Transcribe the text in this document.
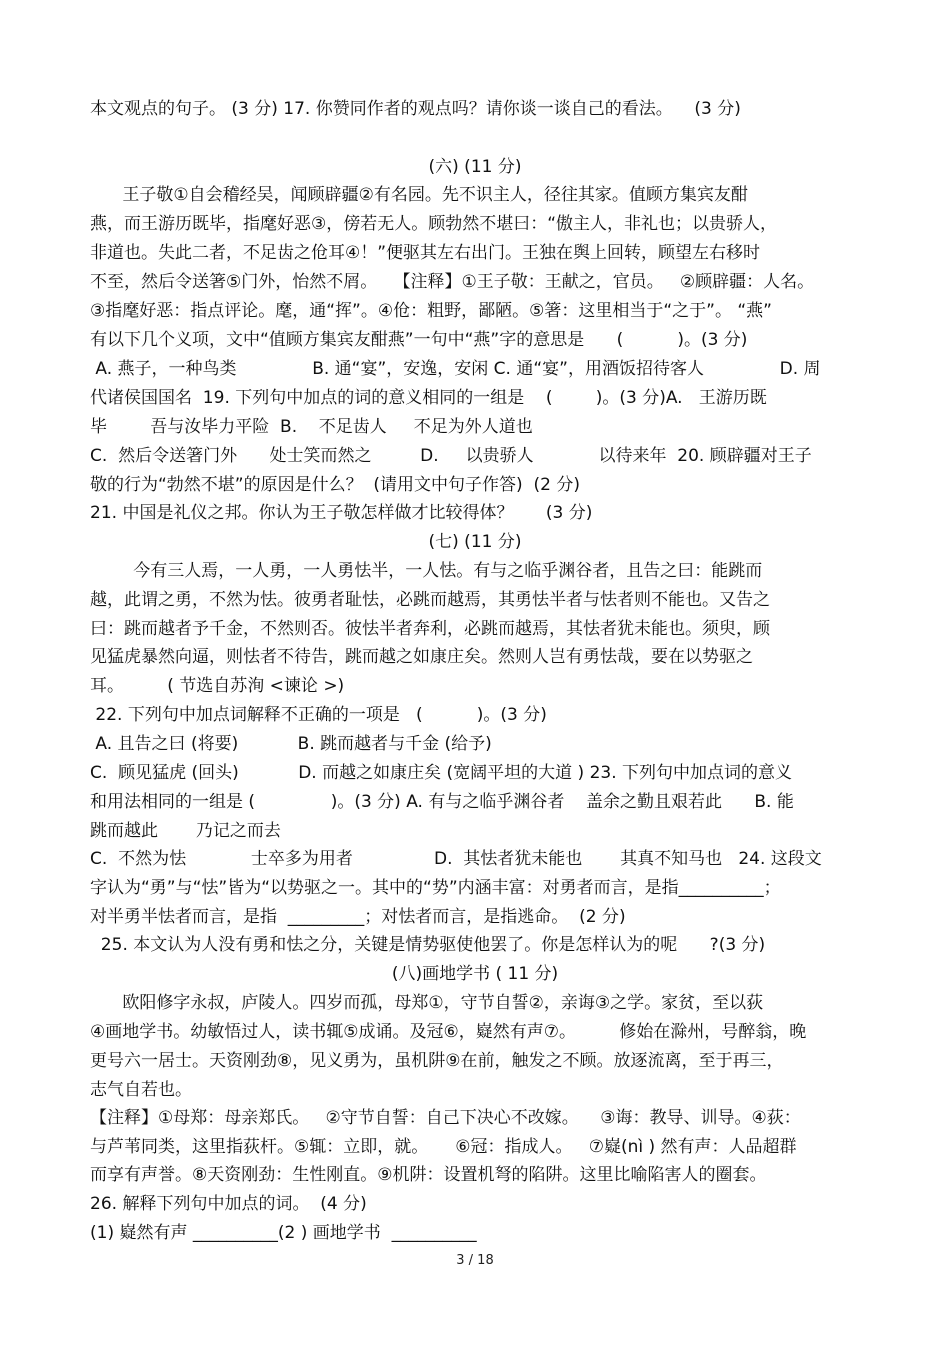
本文观点的句子。 (3 分) 17. 你赞同作者的观点吗？请你谈一谈自己的看法。    (3 分)
(六) (11 分)
王子敬①自会稽经吴，闻顾辟疆②有名园。先不识主人，径往其家。值顾方集宾友酣
燕，而王游历既毕，指麾好恶③，傍若无人。顾勃然不堪曰：“傲主人，非礼也；以贵骄人，
非道也。失此二者，不足齿之伧耳④！”便驱其左右出门。王独在舆上回转，顾望左右移时
不至，然后令送箸⑤门外，怡然不屑。   【注释】①王子敬：王献之，官员。   ②顾辟疆：人名。
③指麾好恶：指点评论。麾，通“挥”。④伧：粗野，鄙陋。⑤箸：这里相当于“之于”。 “燕”
有以下几个义项，文中“值顾方集宾友酣燕”一句中“燕”字的意思是      (          )。(3 分)
A. 燕子，一种鸟类              B. 通“宴”，安逸，安闲 C. 通“宴”，用酒饭招待客人              D. 周
代诸侯国国名  19. 下列句中加点的词的意义相同的一组是    (        )。(3 分)A.   王游历既
毕        吾与汝毕力平险  B.    不足齿人     不足为外人道也
C.  然后令送箸门外      处士笑而然之         D.     以贵骄人            以待来年  20. 顾辟疆对王子
敬的行为“勃然不堪”的原因是什么？  (请用文中句子作答)  (2 分)
21. 中国是礼仪之邦。你认为王子敬怎样做才比较得体？      (3 分)
(七) (11 分)
今有三人焉，一人勇，一人勇怯半，一人怯。有与之临乎渊谷者，且告之曰：能跳而
越，此谓之勇，不然为怯。彼勇者耻怯，必跳而越焉，其勇怯半者与怯者则不能也。又告之
曰：跳而越者予千金，不然则否。彼怯半者奔利，必跳而越焉，其怯者犹未能也。须臾，顾
见猛虎暴然向逼，则怯者不待告，跳而越之如康庄矣。然则人岂有勇怯哉，要在以势驱之
耳。        ( 节选自苏洵 <谏论 >)
22. 下列句中加点词解释不正确的一项是   (          )。(3 分)
A. 且告之曰 (将要)           B. 跳而越者与千金 (给予)
C.  顾见猛虎 (回头)           D. 而越之如康庄矣 (宽阔平坦的大道 ) 23. 下列句中加点词的意义
和用法相同的一组是 (              )。(3 分) A. 有与之临乎渊谷者    盖余之勤且艰若此      B. 能
跳而越此       乃记之而去
C.  不然为怯            士卒多为用者               D.  其怯者犹未能也       其真不知马也   24. 这段文
字认为“勇”与“怯”皆为“以势驱之一。其中的“势”内涵丰富：对勇者而言，是指__________；
对半勇半怯者而言，是指  _________；对怯者而言，是指逃命。  (2 分)
25. 本文认为人没有勇和怯之分，关键是情势驱使他罢了。你是怎样认为的呢      ?(3 分)
(八)画地学书 ( 11 分)
欧阳修字永叔，庐陵人。四岁而孤，母郑①，守节自誓②，亲诲③之学。家贫，至以荻
④画地学书。幼敏悟过人，读书辄⑤成诵。及冠⑥，嶷然有声⑦。        修始在滁州，号醉翁，晚
更号六一居士。天资刚劲⑧，见义勇为，虽机阱⑨在前，触发之不顾。放逐流离，至于再三，
志气自若也。
【注释】①母郑：母亲郑氏。   ②守节自誓：自己下决心不改嫁。    ③诲：教导、训导。④荻：
与芦苇同类，这里指荻杆。⑤辄：立即，就。     ⑥冠：指成人。   ⑦嶷(nì ) 然有声：人品超群
而享有声誉。⑧天资刚劲：生性刚直。⑨机阱：设置机弩的陷阱。这里比喻陷害人的圈套。
26. 解释下列句中加点的词。  (4 分)
(1) 嶷然有声 __________(2 ) 画地学书  __________
3 / 18
